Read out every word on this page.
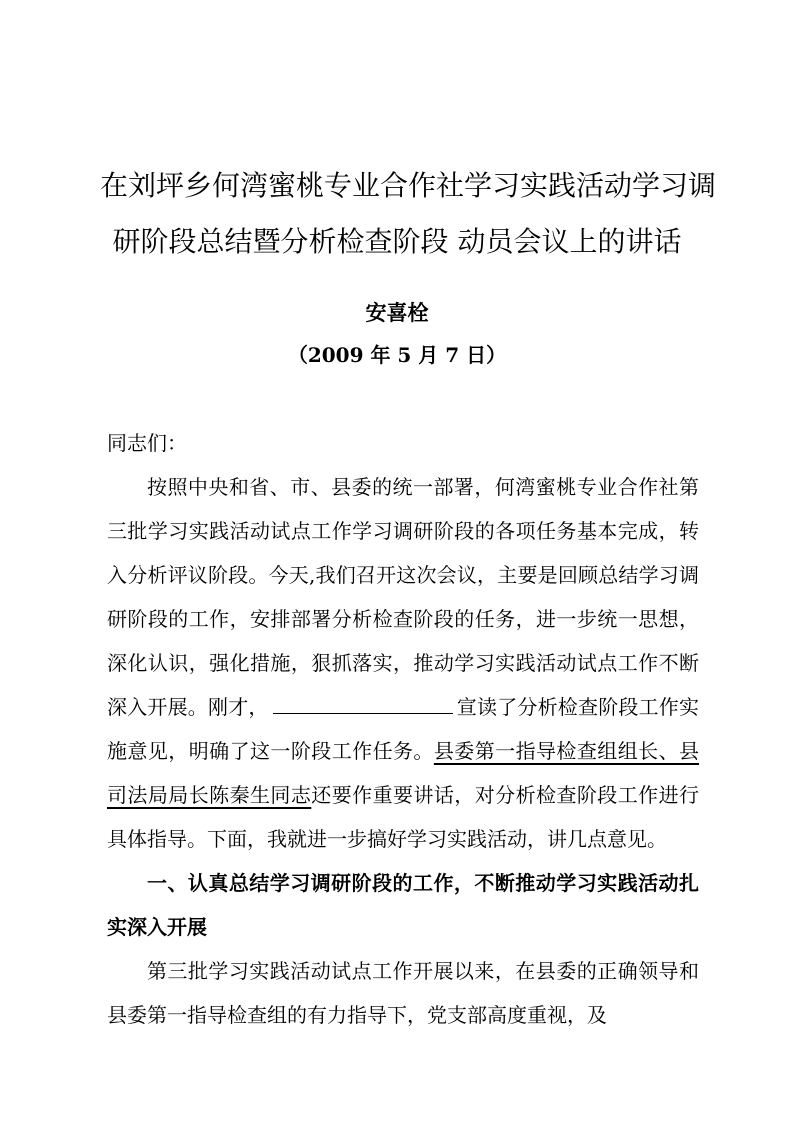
在刘坪乡何湾蜜桃专业合作社学习实践活动学习调
研阶段总结暨分析检查阶段 动员会议上的讲话
安喜栓
（2009 年 5 月 7 日）

同志们：

按照中央和省、市、县委的统一部署，何湾蜜桃专业合作社第三批学习实践活动试点工作学习调研阶段的各项任务基本完成，转入分析评议阶段。今天,我们召开这次会议，主要是回顾总结学习调研阶段的工作，安排部署分析检查阶段的任务，进一步统一思想，深化认识，强化措施，狠抓落实，推动学习实践活动试点工作不断深入开展。刚才，	宣读了分析检查阶段工作实施意见，明确了这一阶段工作任务。县委第一指导检查组组长、县司法局局长陈秦生同志还要作重要讲话，对分析检查阶段工作进行具体指导。下面，我就进一步搞好学习实践活动，讲几点意见。

一、认真总结学习调研阶段的工作，不断推动学习实践活动扎实深入开展

第三批学习实践活动试点工作开展以来，在县委的正确领导和县委第一指导检查组的有力指导下，党支部高度重视，及
